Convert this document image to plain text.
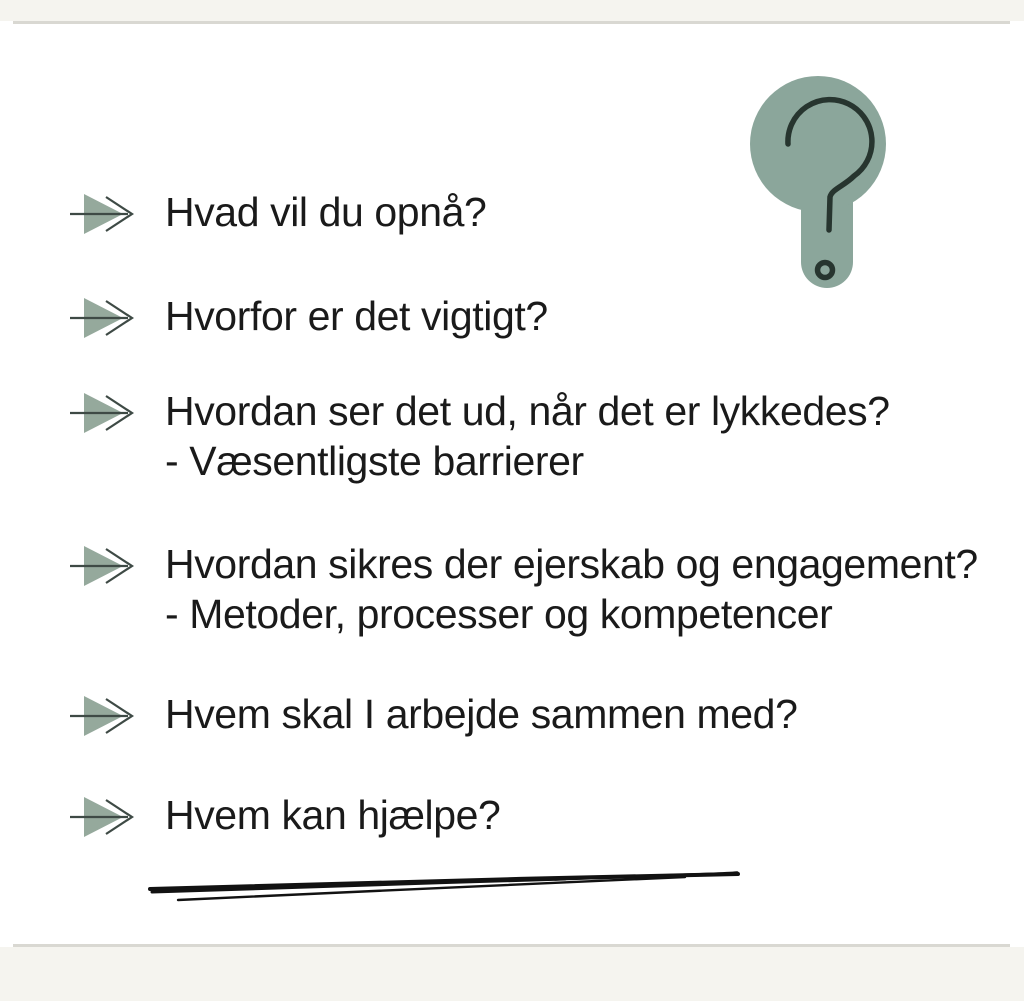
Hvad vil du opnå?
Hvorfor er det vigtigt?
Hvordan ser det ud, når det er lykkedes?
- Væsentligste barrierer
Hvordan sikres der ejerskab og engagement?
- Metoder, processer og kompetencer
Hvem skal I arbejde sammen med?
Hvem kan hjælpe?
